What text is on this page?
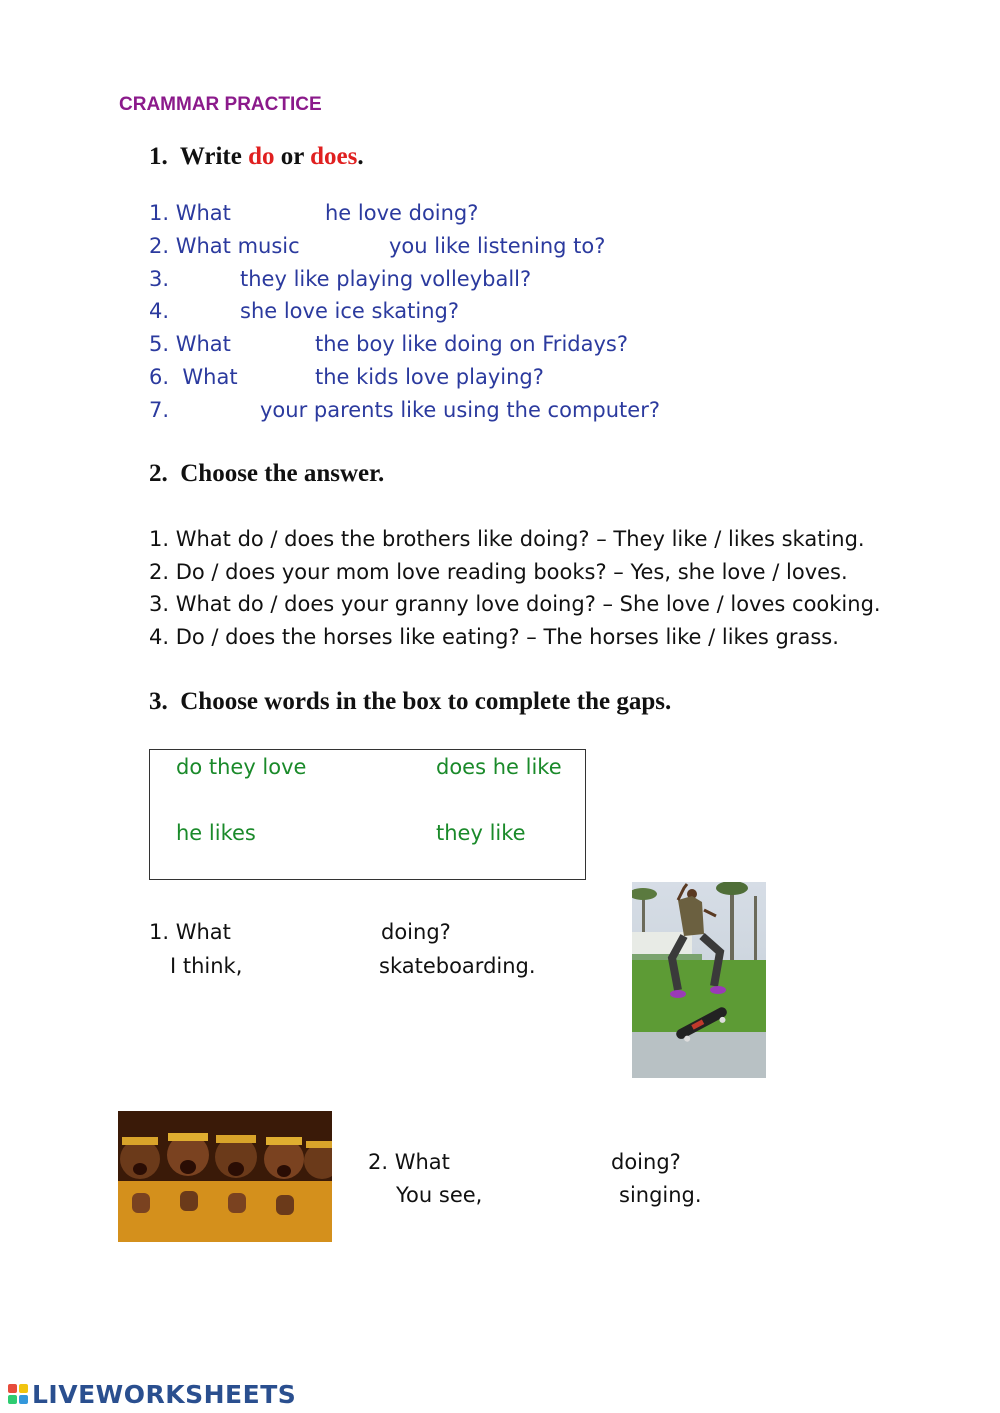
CRAMMAR PRACTICE
1. Write do or does.
1. What	he love doing?
2. What music	you like listening to?
3.	they like playing volleyball?
4.	she love ice skating?
5. What	the boy like doing on Fridays?
6.  What	the kids love playing?
7.	your parents like using the computer?
2. Choose the answer.
1. What do / does the brothers like doing? – They like / likes skating.
2. Do / does your mom love reading books? – Yes, she love / loves.
3. What do / does your granny love doing? – She love / loves cooking.
4. Do / does the horses like eating? – The horses like / likes grass.
3. Choose words in the box to complete the gaps.
do they love	does he like
he likes	they like
1. What	doing?
I think,	skateboarding.
2. What	doing?
You see,	singing.
LIVEWORKSHEETS
